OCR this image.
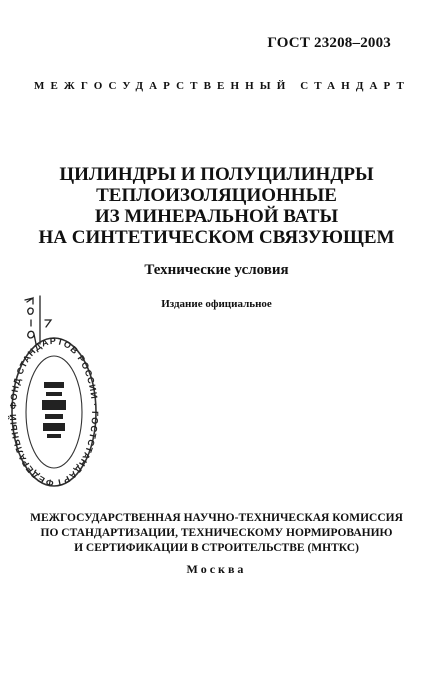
ГОСТ 23208–2003
МЕЖГОСУДАРСТВЕННЫЙ СТАНДАРТ
ЦИЛИНДРЫ И ПОЛУЦИЛИНДРЫ
ТЕПЛОИЗОЛЯЦИОННЫЕ
ИЗ МИНЕРАЛЬНОЙ ВАТЫ
НА СИНТЕТИЧЕСКОМ СВЯЗУЮЩЕМ
Технические условия
Издание официальное
ФЕДЕРАЛЬНЫЙ ФОНД СТАНДАРТОВ РОССИИ · ГОСТСТАНДАРТ
МЕЖГОСУДАРСТВЕННАЯ НАУЧНО-ТЕХНИЧЕСКАЯ КОМИССИЯ
ПО СТАНДАРТИЗАЦИИ, ТЕХНИЧЕСКОМУ НОРМИРОВАНИЮ
И СЕРТИФИКАЦИИ В СТРОИТЕЛЬСТВЕ (МНТКС)
Москва
